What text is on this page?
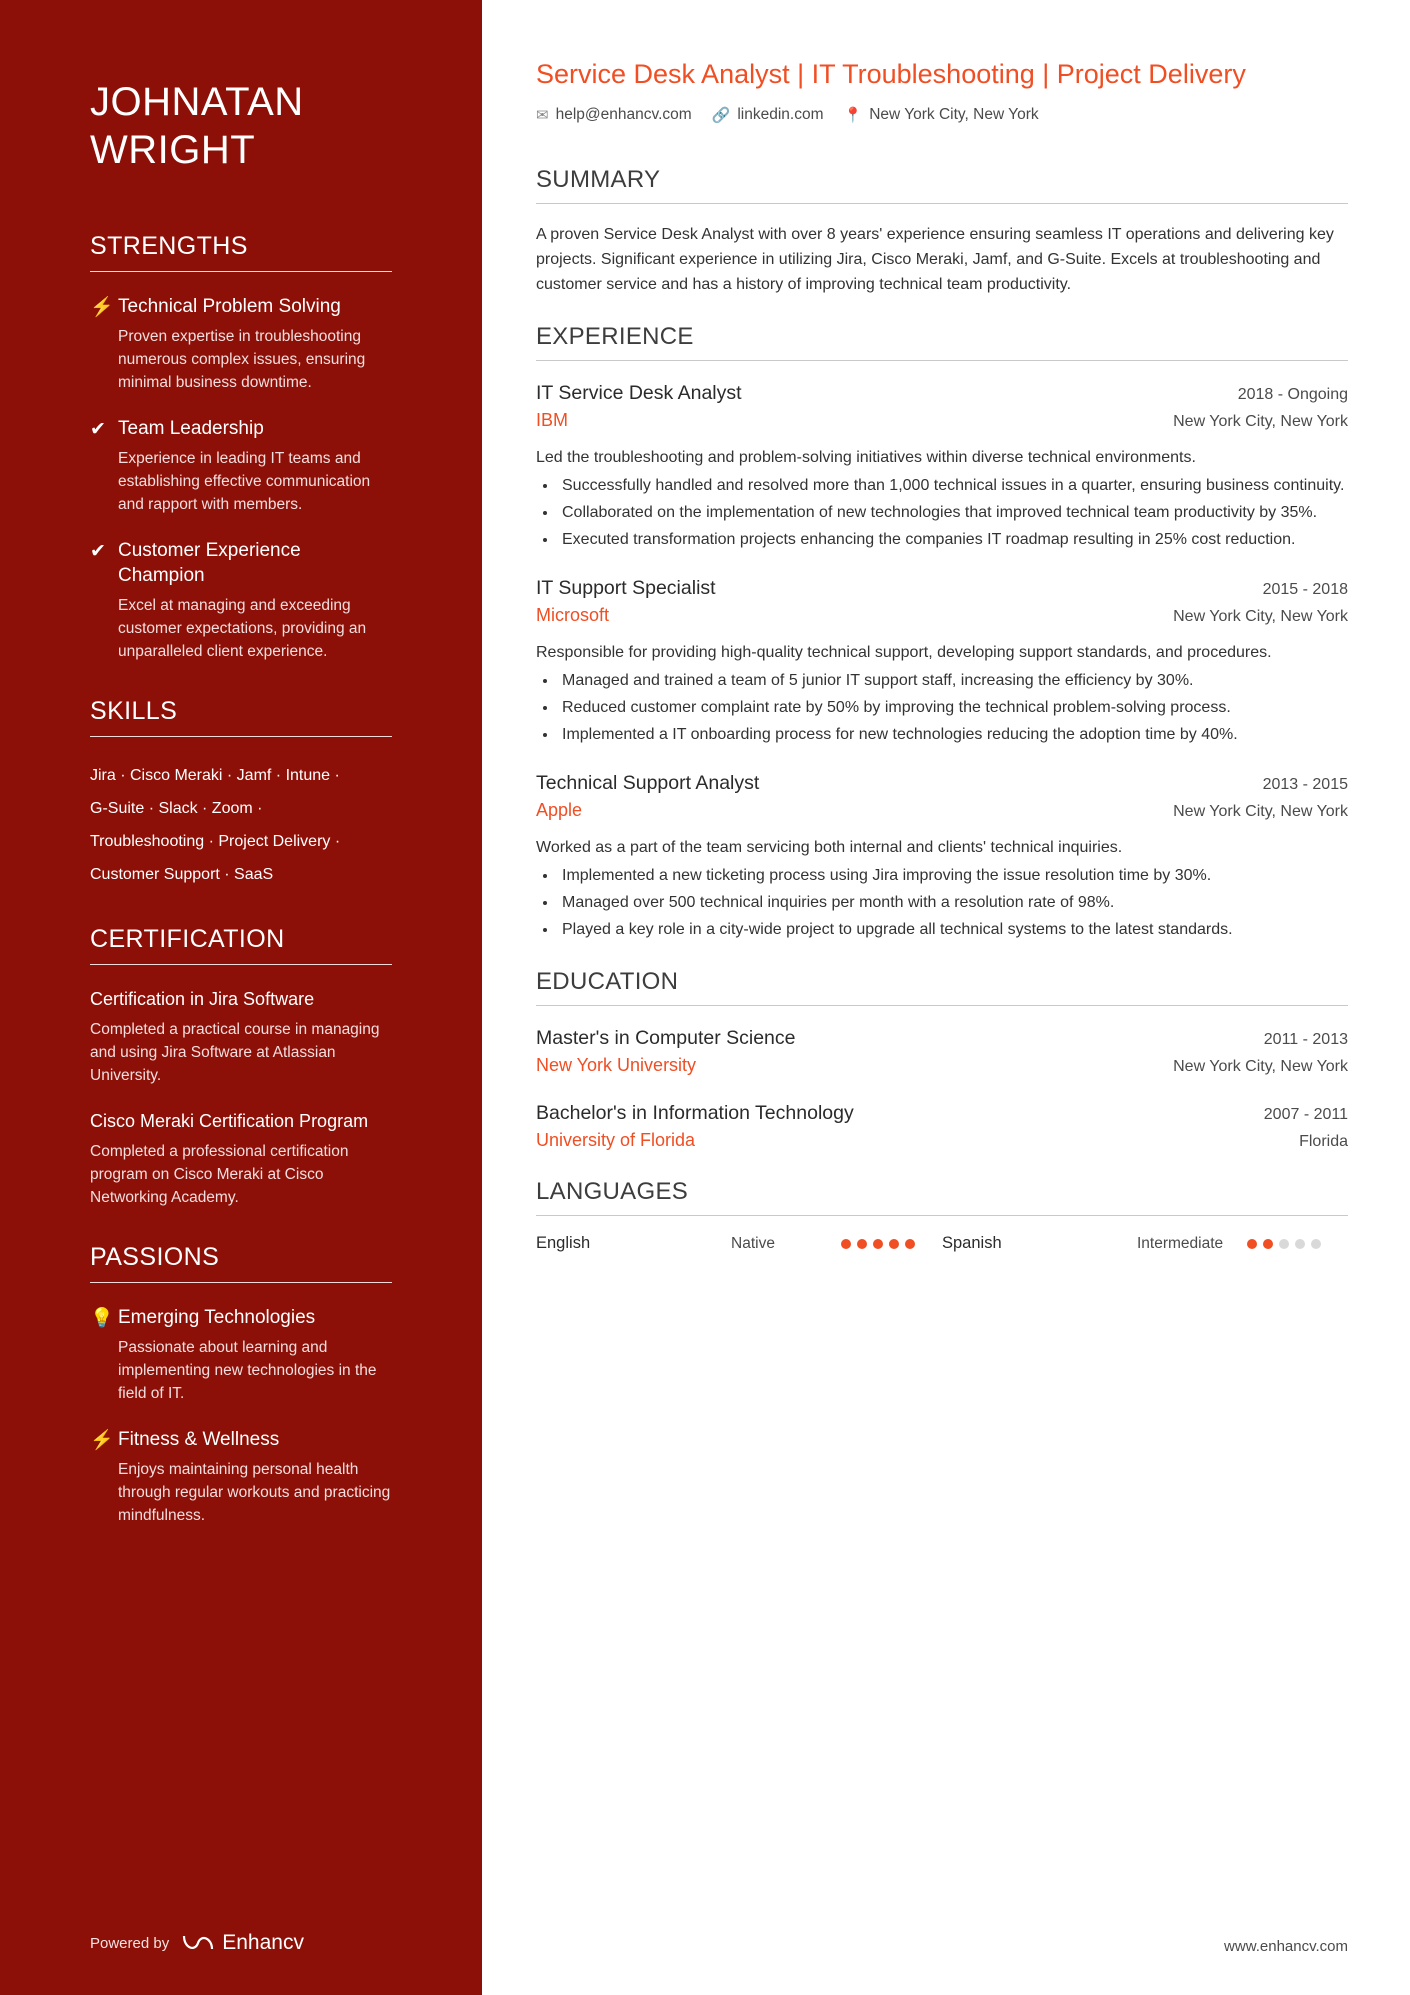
JOHNATAN WRIGHT
STRENGTHS
⚡ Technical Problem Solving
Proven expertise in troubleshooting numerous complex issues, ensuring minimal business downtime.
✔ Team Leadership
Experience in leading IT teams and establishing effective communication and rapport with members.
✔ Customer Experience Champion
Excel at managing and exceeding customer expectations, providing an unparalleled client experience.
SKILLS
Jira · Cisco Meraki · Jamf · Intune ·
G-Suite · Slack · Zoom ·
Troubleshooting · Project Delivery ·
Customer Support · SaaS
CERTIFICATION
Certification in Jira Software
Completed a practical course in managing and using Jira Software at Atlassian University.
Cisco Meraki Certification Program
Completed a professional certification program on Cisco Meraki at Cisco Networking Academy.
PASSIONS
💡 Emerging Technologies
Passionate about learning and implementing new technologies in the field of IT.
⚡ Fitness & Wellness
Enjoys maintaining personal health through regular workouts and practicing mindfulness.
Powered by	Enhancv
Service Desk Analyst | IT Troubleshooting | Project Delivery
✉ help@enhancv.com 🔗 linkedin.com 📍 New York City, New York
SUMMARY

A proven Service Desk Analyst with over 8 years' experience ensuring seamless IT operations and delivering key projects. Significant experience in utilizing Jira, Cisco Meraki, Jamf, and G-Suite. Excels at troubleshooting and customer service and has a history of improving technical team productivity.

EXPERIENCE
IT Service Desk Analyst	2018 - Ongoing
IBM	New York City, New York

Led the troubleshooting and problem-solving initiatives within diverse technical environments.

• Successfully handled and resolved more than 1,000 technical issues in a quarter, ensuring business continuity.
• Collaborated on the implementation of new technologies that improved technical team productivity by 35%.
• Executed transformation projects enhancing the companies IT roadmap resulting in 25% cost reduction.
IT Support Specialist	2015 - 2018
Microsoft	New York City, New York

Responsible for providing high-quality technical support, developing support standards, and procedures.

• Managed and trained a team of 5 junior IT support staff, increasing the efficiency by 30%.
• Reduced customer complaint rate by 50% by improving the technical problem-solving process.
• Implemented a IT onboarding process for new technologies reducing the adoption time by 40%.
Technical Support Analyst	2013 - 2015
Apple	New York City, New York

Worked as a part of the team servicing both internal and clients' technical inquiries.

• Implemented a new ticketing process using Jira improving the issue resolution time by 30%.
• Managed over 500 technical inquiries per month with a resolution rate of 98%.
• Played a key role in a city-wide project to upgrade all technical systems to the latest standards.
EDUCATION
Master's in Computer Science	2011 - 2013
New York University	New York City, New York
Bachelor's in Information Technology	2007 - 2011
University of Florida	Florida
LANGUAGES
English	Native	Spanish	Intermediate
www.enhancv.com
